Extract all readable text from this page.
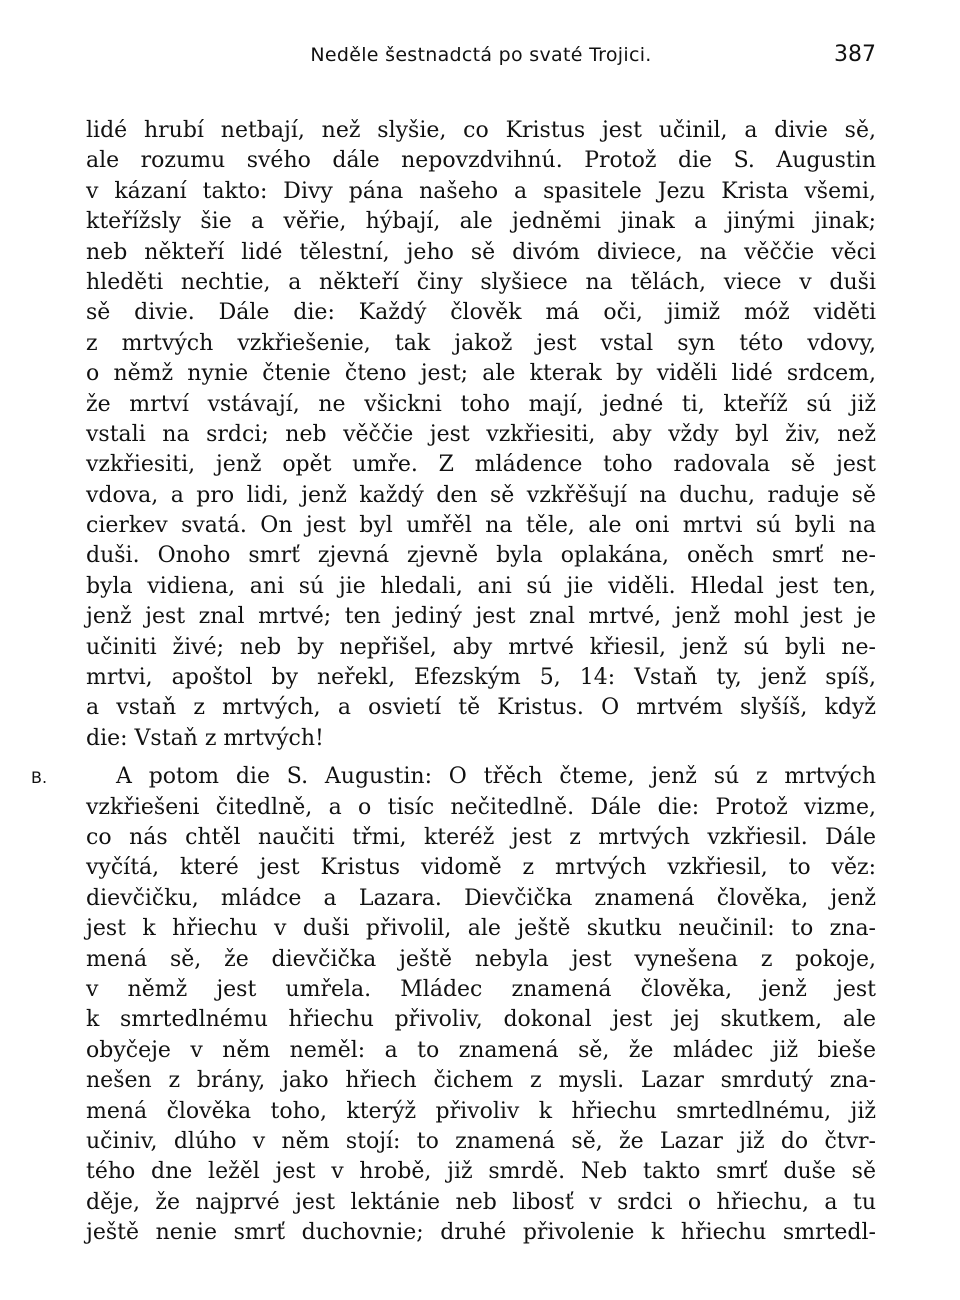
Neděle šestnadctá po svaté Trojici.	387
lidé hrubí netbají, než slyšie, co Kristus jest učinil, a divie sě,
ale rozumu svého dále nepovzdvihnú. Protož die S. Augustin
v kázaní takto: Divy pána našeho a spasitele Jezu Krista všemi,
kteřížsly šie a věřie, hýbají, ale jedněmi jinak a jinými jinak;
neb někteří lidé tělestní, jeho sě divóm diviece, na věččie věci
hleděti nechtie, a někteří činy slyšiece na tělách, viece v duši
sě divie. Dále die: Každý člověk má oči, jimiž móž viděti
z mrtvých vzkřiešenie, tak jakož jest vstal syn této vdovy,
o němž nynie čtenie čteno jest; ale kterak by viděli lidé srdcem,
že mrtví vstávají, ne všickni toho mají, jedné ti, kteříž sú již
vstali na srdci; neb věččie jest vzkřiesiti, aby vždy byl živ, než
vzkřiesiti, jenž opět umře. Z mládence toho radovala sě jest
vdova, a pro lidi, jenž každý den sě vzkřěšují na duchu, raduje sě
cierkev svatá. On jest byl umřěl na těle, ale oni mrtvi sú byli na
duši. Onoho smrť zjevná zjevně byla oplakána, oněch smrť ne-
byla vidiena, ani sú jie hledali, ani sú jie viděli. Hledal jest ten,
jenž jest znal mrtvé; ten jediný jest znal mrtvé, jenž mohl jest je
učiniti živé; neb by nepřišel, aby mrtvé křiesil, jenž sú byli ne-
mrtvi, apoštol by neřekl, Efezským 5, 14: Vstaň ty, jenž spíš,
a vstaň z mrtvých, a osvietí tě Kristus. O mrtvém slyšíš, když
die: Vstaň z mrtvých!
B.	A potom die S. Augustin: O třěch čteme, jenž sú z mrtvých
vzkřiešeni čitedlně, a o tisíc nečitedlně. Dále die: Protož vizme,
co nás chtěl naučiti třmi, kteréž jest z mrtvých vzkřiesil. Dále
vyčítá, které jest Kristus vidomě z mrtvých vzkřiesil, to věz:
dievčičku, mládce a Lazara. Dievčička znamená člověka, jenž
jest k hřiechu v duši přivolil, ale ještě skutku neučinil: to zna-
mená sě, že dievčička ještě nebyla jest vynešena z pokoje,
v němž jest umřela. Mládec znamená člověka, jenž jest
k smrtedlnému hřiechu přivoliv, dokonal jest jej skutkem, ale
obyčeje v něm neměl: a to znamená sě, že mládec již bieše
nešen z brány, jako hřiech čichem z mysli. Lazar smrdutý zna-
mená člověka toho, kterýž přivoliv k hřiechu smrtedlnému, již
učiniv, dlúho v něm stojí: to znamená sě, že Lazar již do čtvr-
tého dne ležěl jest v hrobě, již smrdě. Neb takto smrť duše sě
děje, že najprvé jest lektánie neb libosť v srdci o hřiechu, a tu
ještě nenie smrť duchovnie; druhé přivolenie k hřiechu smrtedl-
